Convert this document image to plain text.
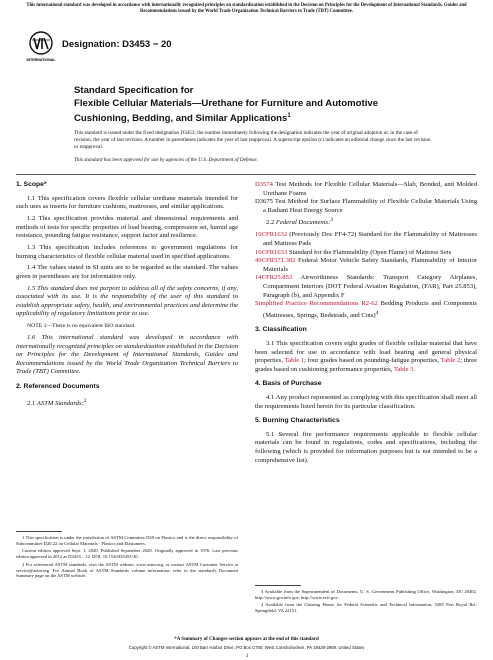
This international standard was developed in accordance with internationally recognized principles on standardization established in the Decision on Principles for the Development of International Standards, Guides and Recommendations issued by the World Trade Organization Technical Barriers to Trade (TBT) Committee.
INTERNATIONAL
Designation: D3453 − 20
Standard Specification for
Flexible Cellular Materials—Urethane for Furniture and Automotive Cushioning, Bedding, and Similar Applications$^1$
This standard is issued under the fixed designation D3453; the number immediately following the designation indicates the year of original adoption or, in the case of revision, the year of last revision. A number in parentheses indicates the year of last reapproval. A superscript epsilon (ε) indicates an editorial change since the last revision or reapproval.
This standard has been approved for use by agencies of the U.S. Department of Defense.

1. Scope*

1.1 This specification covers flexible cellular urethane materials intended for such uses as inserts for furniture cushions, mattresses, and similar applications.

1.2 This specification provides material and dimensional requirements and methods of tests for specific properties of load bearing, compression set, humid age resistance, pounding fatigue resistance, support factor and resilience.

1.3 This specification includes references to government regulations for burning characteristics of flexible cellular material used in specified applications.

1.4 The values stated in SI units are to be regarded as the standard. The values given in parentheses are for information only.

1.5 This standard does not purport to address all of the safety concerns, if any, associated with its use. It is the responsibility of the user of this standard to establish appropriate safety, health, and environmental practices and determine the applicability of regulatory limitations prior to use.

NOTE 1—There is no equivalent ISO standard.

1.6 This international standard was developed in accordance with internationally recognized principles on standardization established in the Decision on Principles for the Development of International Standards, Guides and Recommendations issued by the World Trade Organization Technical Barriers to Trade (TBT) Committee.

2. Referenced Documents

2.1 ASTM Standards:$^2$

1 This specification is under the jurisdiction of ASTM Committee D20 on Plastics and is the direct responsibility of Subcommittee D20.22 on Cellular Materials - Plastics and Elastomers.

Current edition approved Sept. 1, 2020. Published September 2020. Originally approved in 1976. Last previous edition approved in 2012 as D3453 – 12. DOI: 10.1520/D3453-20.

2 For referenced ASTM standards, visit the ASTM website, www.astm.org, or contact ASTM Customer Service at service@astm.org. For Annual Book of ASTM Standards volume information, refer to the standard's Document Summary page on the ASTM website.

D3574 Test Methods for Flexible Cellular Materials—Slab, Bonded, and Molded Urethane Foams
D3675 Test Method for Surface Flammability of Flexible Cellular Materials Using a Radiant Heat Energy Source

2.2 Federal Documents:$^3$

16CFR1632 (Previously Doc FF4-72) Standard for the Flammability of Mattresses and Mattress Pads
16CFR1633 Standard for the Flammability (Open Flame) of Mattress Sets
49CFR571.302 Federal Motor Vehicle Safety Standards, Flammability of Interior Materials
14CFR25.853 Airworthiness Standards: Transport Category Airplanes, Compartment Interiors (DOT Federal Aviation Regulation, (FAR), Part 25.853), Paragraph (b), and Appendix F
Simplified Practice Recommendations R2-62 Bedding Products and Components (Mattresses, Springs, Bedsteads, and Cots)$^4$

3. Classification

3.1 This specification covers eight grades of flexible cellular material that have been selected for use in accordance with load bearing and general physical properties, Table 1; four grades based on pounding-fatigue properties, Table 2; three grades based on cushioning performance properties, Table 3.

4. Basis of Purchase

4.1 Any product represented as complying with this specification shall meet all the requirements listed herein for its particular classification.

5. Burning Characteristics

5.1 Several fire performance requirements applicable to flexible cellular materials can be found in regulations, codes and specifications, including the following (which is provided for information purposes but is not intended to be a comprehensive list).

3 Available from the Superintendent of Documents, U. S. Government Publishing Office, Washington, DC 20402, http://www.govinfo.gov, http://www.ecfr.gov.

4 Available from the Clearing House for Federal Scientific and Technical Information, 5285 Port Royal Rd., Springfield, VA 22151.

*A Summary of Changes section appears at the end of this standard
Copyright © ASTM International, 100 Barr Harbor Drive, PO Box C700, West Conshohocken, PA 19428-2959. United States
1
